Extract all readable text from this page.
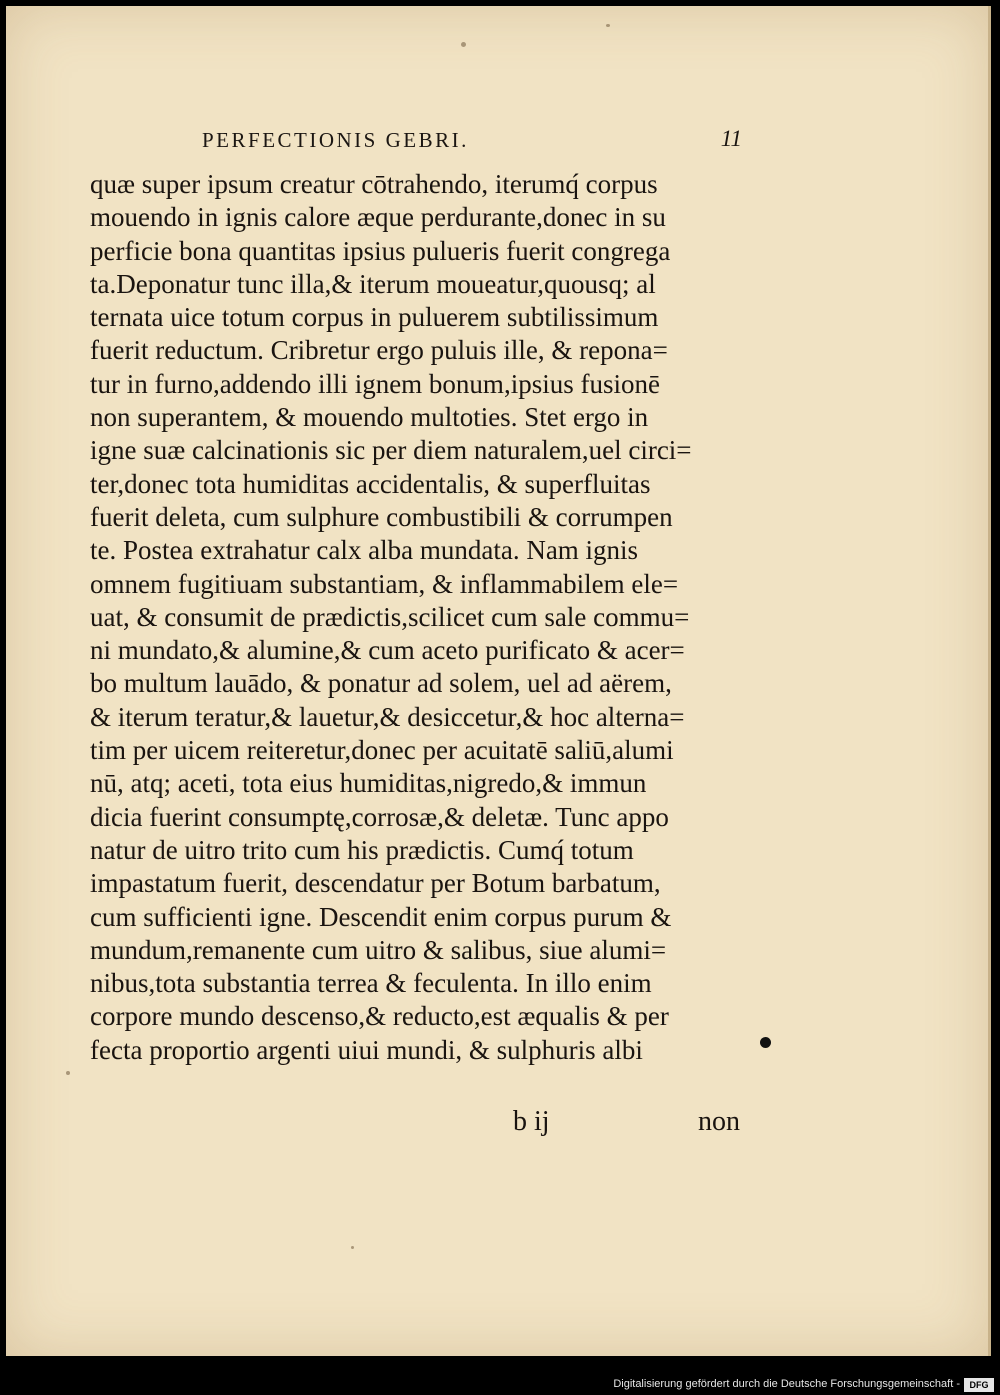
PERFECTIONIS GEBRI.	11
quæ super ipsum creatur cōtrahendo, iterumq́ corpus
mouendo in ignis calore æque perdurante,donec in su
perficie bona quantitas ipsius pulueris fuerit congrega
ta.Deponatur tunc illa,& iterum moueatur,quousq; al
ternata uice totum corpus in puluerem subtilissimum
fuerit reductum. Cribretur ergo puluis ille, & repona=
tur in furno,addendo illi ignem bonum,ipsius fusionē
non superantem, & mouendo multoties. Stet ergo in
igne suæ calcinationis sic per diem naturalem,uel circi=
ter,donec tota humiditas accidentalis, & superfluitas
fuerit deleta, cum sulphure combustibili & corrumpen
te. Postea extrahatur calx alba mundata. Nam ignis
omnem fugitiuam substantiam, & inflammabilem ele=
uat, & consumit de prædictis,scilicet cum sale commu=
ni mundato,& alumine,& cum aceto purificato & acer=
bo multum lauādo, & ponatur ad solem, uel ad aërem,
& iterum teratur,& lauetur,& desiccetur,& hoc alterna=
tim per uicem reiteretur,donec per acuitatē saliū,alumi
nū, atq; aceti, tota eius humiditas,nigredo,& immun
dicia fuerint consumptę,corrosæ,& deletæ. Tunc appo
natur de uitro trito cum his prædictis. Cumq́ totum
impastatum fuerit, descendatur per Botum barbatum,
cum sufficienti igne. Descendit enim corpus purum &
mundum,remanente cum uitro & salibus, siue alumi=
nibus,tota substantia terrea & feculenta. In illo enim
corpore mundo descenso,& reducto,est æqualis & per
fecta proportio argenti uiui mundi, & sulphuris albi
b ij	non
Digitalisierung gefördert durch die Deutsche Forschungsgemeinschaft -	DFG
